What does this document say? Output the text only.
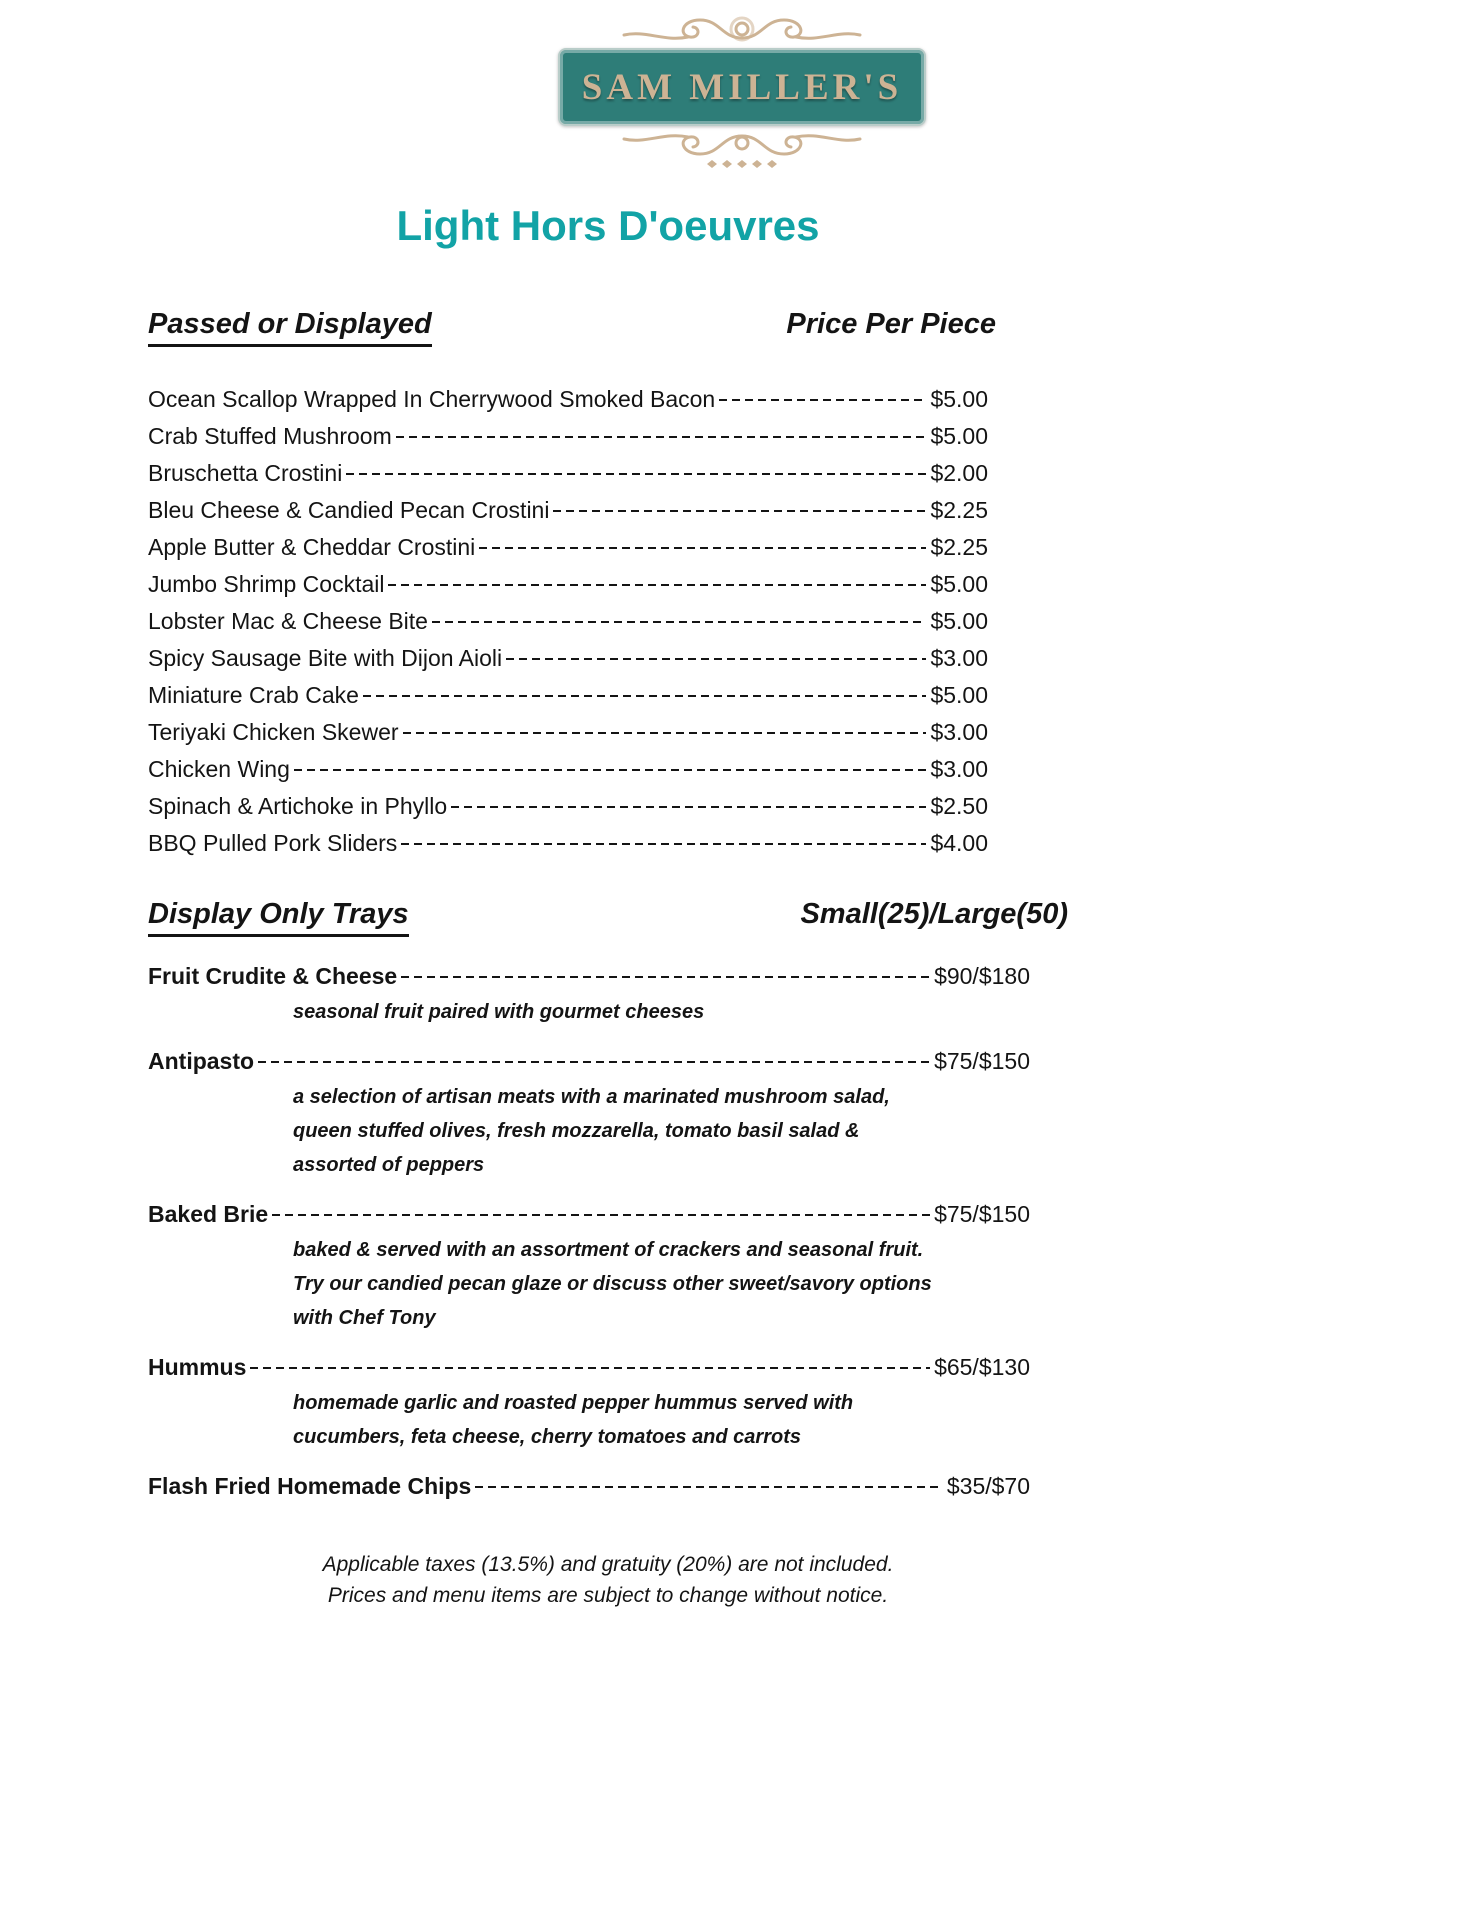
SAM MILLER'S
Light Hors D'oeuvres
Passed or Displayed	Price Per Piece
Ocean Scallop Wrapped In Cherrywood Smoked Bacon	$5.00
Crab Stuffed Mushroom	$5.00
Bruschetta Crostini	$2.00
Bleu Cheese & Candied Pecan Crostini	$2.25
Apple Butter & Cheddar Crostini	$2.25
Jumbo Shrimp Cocktail	$5.00
Lobster Mac & Cheese Bite	$5.00
Spicy Sausage Bite with Dijon Aioli	$3.00
Miniature Crab Cake	$5.00
Teriyaki Chicken Skewer	$3.00
Chicken Wing	$3.00
Spinach & Artichoke in Phyllo	$2.50
BBQ Pulled Pork Sliders	$4.00
Display Only Trays	Small(25)/Large(50)
Fruit Crudite & Cheese	$90/$180
seasonal fruit paired with gourmet cheeses
Antipasto	$75/$150
a selection of artisan meats with a marinated mushroom salad,
queen stuffed olives, fresh mozzarella, tomato basil salad &
assorted of peppers
Baked Brie	$75/$150
baked & served with an assortment of crackers and seasonal fruit.
Try our candied pecan glaze or discuss other sweet/savory options
with Chef Tony
Hummus	$65/$130
homemade garlic and roasted pepper hummus served with
cucumbers, feta cheese, cherry tomatoes and carrots
Flash Fried Homemade Chips	$35/$70
Applicable taxes (13.5%) and gratuity (20%) are not included.
Prices and menu items are subject to change without notice.
